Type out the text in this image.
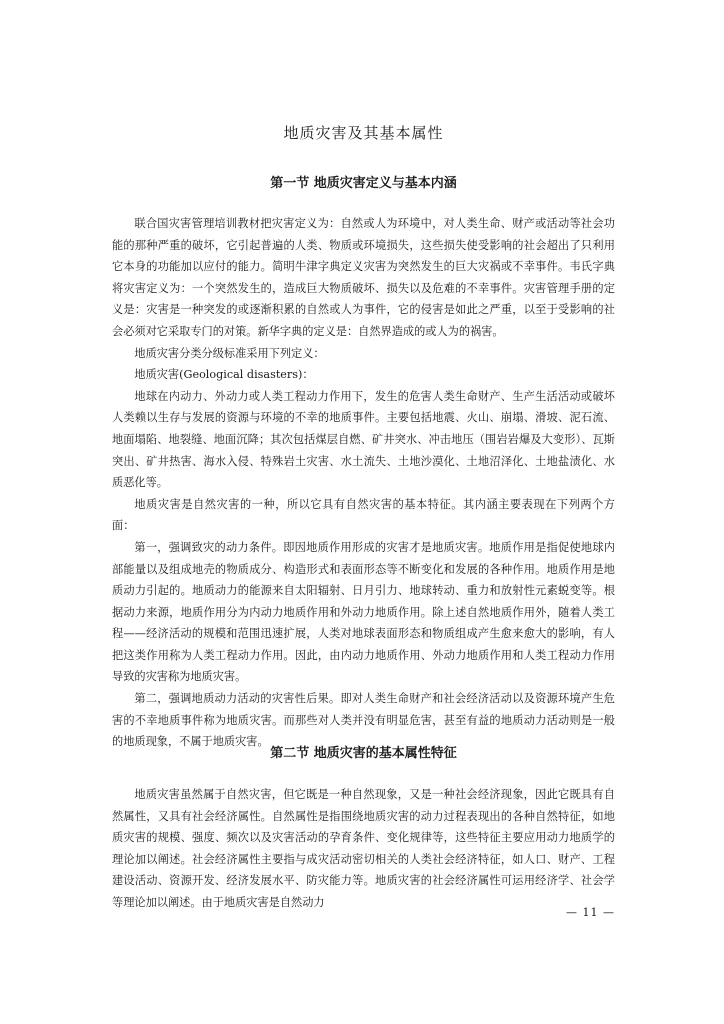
地质灾害及其基本属性
第一节 地质灾害定义与基本内涵

联合国灾害管理培训教材把灾害定义为：自然或人为环境中，对人类生命、财产或活动等社会功能的那种严重的破坏，它引起普遍的人类、物质或环境损失，这些损失使受影响的社会超出了只利用它本身的功能加以应付的能力。简明牛津字典定义灾害为突然发生的巨大灾祸或不幸事件。韦氏字典将灾害定义为：一个突然发生的，造成巨大物质破坏、损失以及危难的不幸事件。灾害管理手册的定义是：灾害是一种突发的或逐渐积累的自然或人为事件，它的侵害是如此之严重，以至于受影响的社会必须对它采取专门的对策。新华字典的定义是：自然界造成的或人为的祸害。

地质灾害分类分级标准采用下列定义：

地质灾害(Geological disasters)：

地球在内动力、外动力或人类工程动力作用下，发生的危害人类生命财产、生产生活活动或破坏人类赖以生存与发展的资源与环境的不幸的地质事件。主要包括地震、火山、崩塌、滑坡、泥石流、地面塌陷、地裂缝、地面沉降；其次包括煤层自燃、矿井突水、冲击地压（围岩岩爆及大变形）、瓦斯突出、矿井热害、海水入侵、特殊岩土灾害、水土流失、土地沙漠化、土地沼泽化、土地盐渍化、水质恶化等。

地质灾害是自然灾害的一种，所以它具有自然灾害的基本特征。其内涵主要表现在下列两个方面：

第一，强调致灾的动力条件。即因地质作用形成的灾害才是地质灾害。地质作用是指促使地球内部能量以及组成地壳的物质成分、构造形式和表面形态等不断变化和发展的各种作用。地质作用是地质动力引起的。地质动力的能源来自太阳辐射、日月引力、地球转动、重力和放射性元素蜕变等。根据动力来源，地质作用分为内动力地质作用和外动力地质作用。除上述自然地质作用外，随着人类工程——经济活动的规模和范围迅速扩展，人类对地球表面形态和物质组成产生愈来愈大的影响，有人把这类作用称为人类工程动力作用。因此，由内动力地质作用、外动力地质作用和人类工程动力作用导致的灾害称为地质灾害。

第二，强调地质动力活动的灾害性后果。即对人类生命财产和社会经济活动以及资源环境产生危害的不幸地质事件称为地质灾害。而那些对人类并没有明显危害，甚至有益的地质动力活动则是一般的地质现象，不属于地质灾害。

第二节 地质灾害的基本属性特征

地质灾害虽然属于自然灾害，但它既是一种自然现象，又是一种社会经济现象，因此它既具有自然属性，又具有社会经济属性。自然属性是指围绕地质灾害的动力过程表现出的各种自然特征，如地质灾害的规模、强度、频次以及灾害活动的孕育条件、变化规律等，这些特征主要应用动力地质学的理论加以阐述。社会经济属性主要指与成灾活动密切相关的人类社会经济特征，如人口、财产、工程建设活动、资源开发、经济发展水平、防灾能力等。地质灾害的社会经济属性可运用经济学、社会学等理论加以阐述。由于地质灾害是自然动力

— 11 —
